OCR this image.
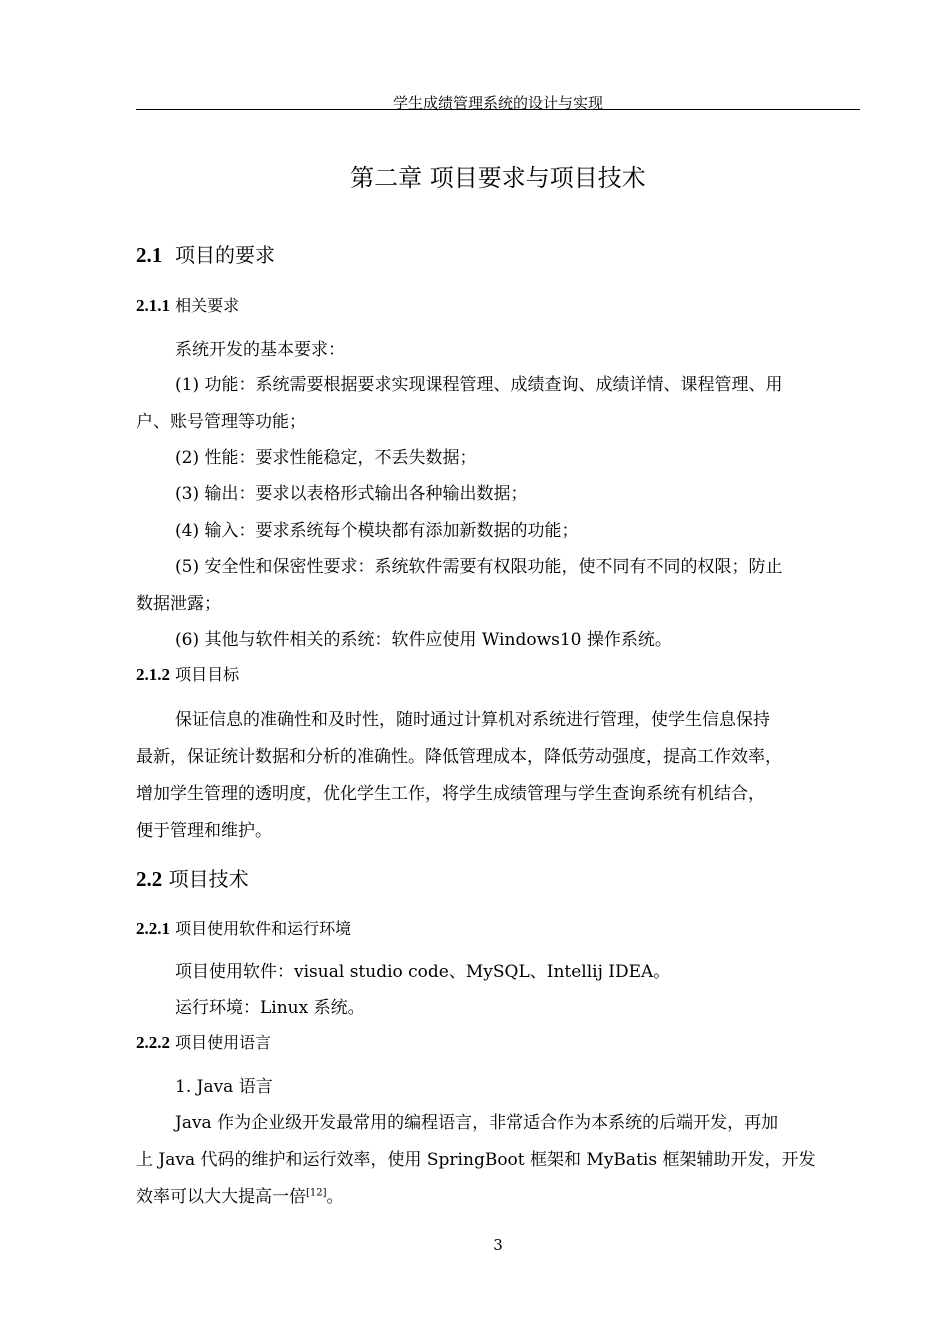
学生成绩管理系统的设计与实现
第二章 项目要求与项目技术
2.1 项目的要求
2.1.1 相关要求
系统开发的基本要求：
(1) 功能：系统需要根据要求实现课程管理、成绩查询、成绩详情、课程管理、用
户、账号管理等功能；
(2) 性能：要求性能稳定，不丢失数据；
(3) 输出：要求以表格形式输出各种输出数据；
(4) 输入：要求系统每个模块都有添加新数据的功能；
(5) 安全性和保密性要求：系统软件需要有权限功能，使不同有不同的权限；防止
数据泄露；
(6) 其他与软件相关的系统：软件应使用 Windows10 操作系统。
2.1.2 项目目标
保证信息的准确性和及时性，随时通过计算机对系统进行管理，使学生信息保持
最新，保证统计数据和分析的准确性。降低管理成本，降低劳动强度，提高工作效率，
增加学生管理的透明度，优化学生工作，将学生成绩管理与学生查询系统有机结合，
便于管理和维护。
2.2 项目技术
2.2.1 项目使用软件和运行环境
项目使用软件：visual studio code、MySQL、Intellij IDEA。
运行环境：Linux 系统。
2.2.2 项目使用语言
1. Java 语言
Java 作为企业级开发最常用的编程语言，非常适合作为本系统的后端开发，再加
上 Java 代码的维护和运行效率，使用 SpringBoot 框架和 MyBatis 框架辅助开发，开发
效率可以大大提高一倍[12]。
3
